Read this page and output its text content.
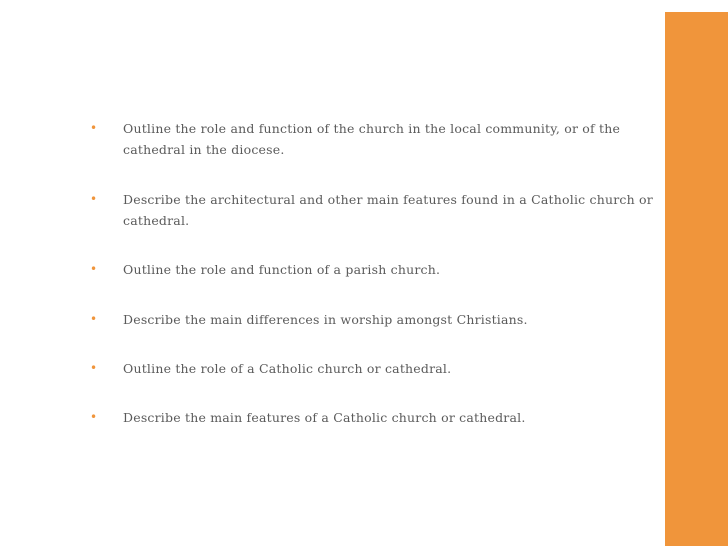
•	Outline the role and function of the church in the local community, or of the cathedral in the diocese.
•	Describe the architectural and other main features found in a Catholic church or cathedral.
•	Outline the role and function of a parish church.
•	Describe the main differences in worship amongst Christians.
•	Outline the role of a Catholic church or cathedral.
•	Describe the main features of a Catholic church or cathedral.
